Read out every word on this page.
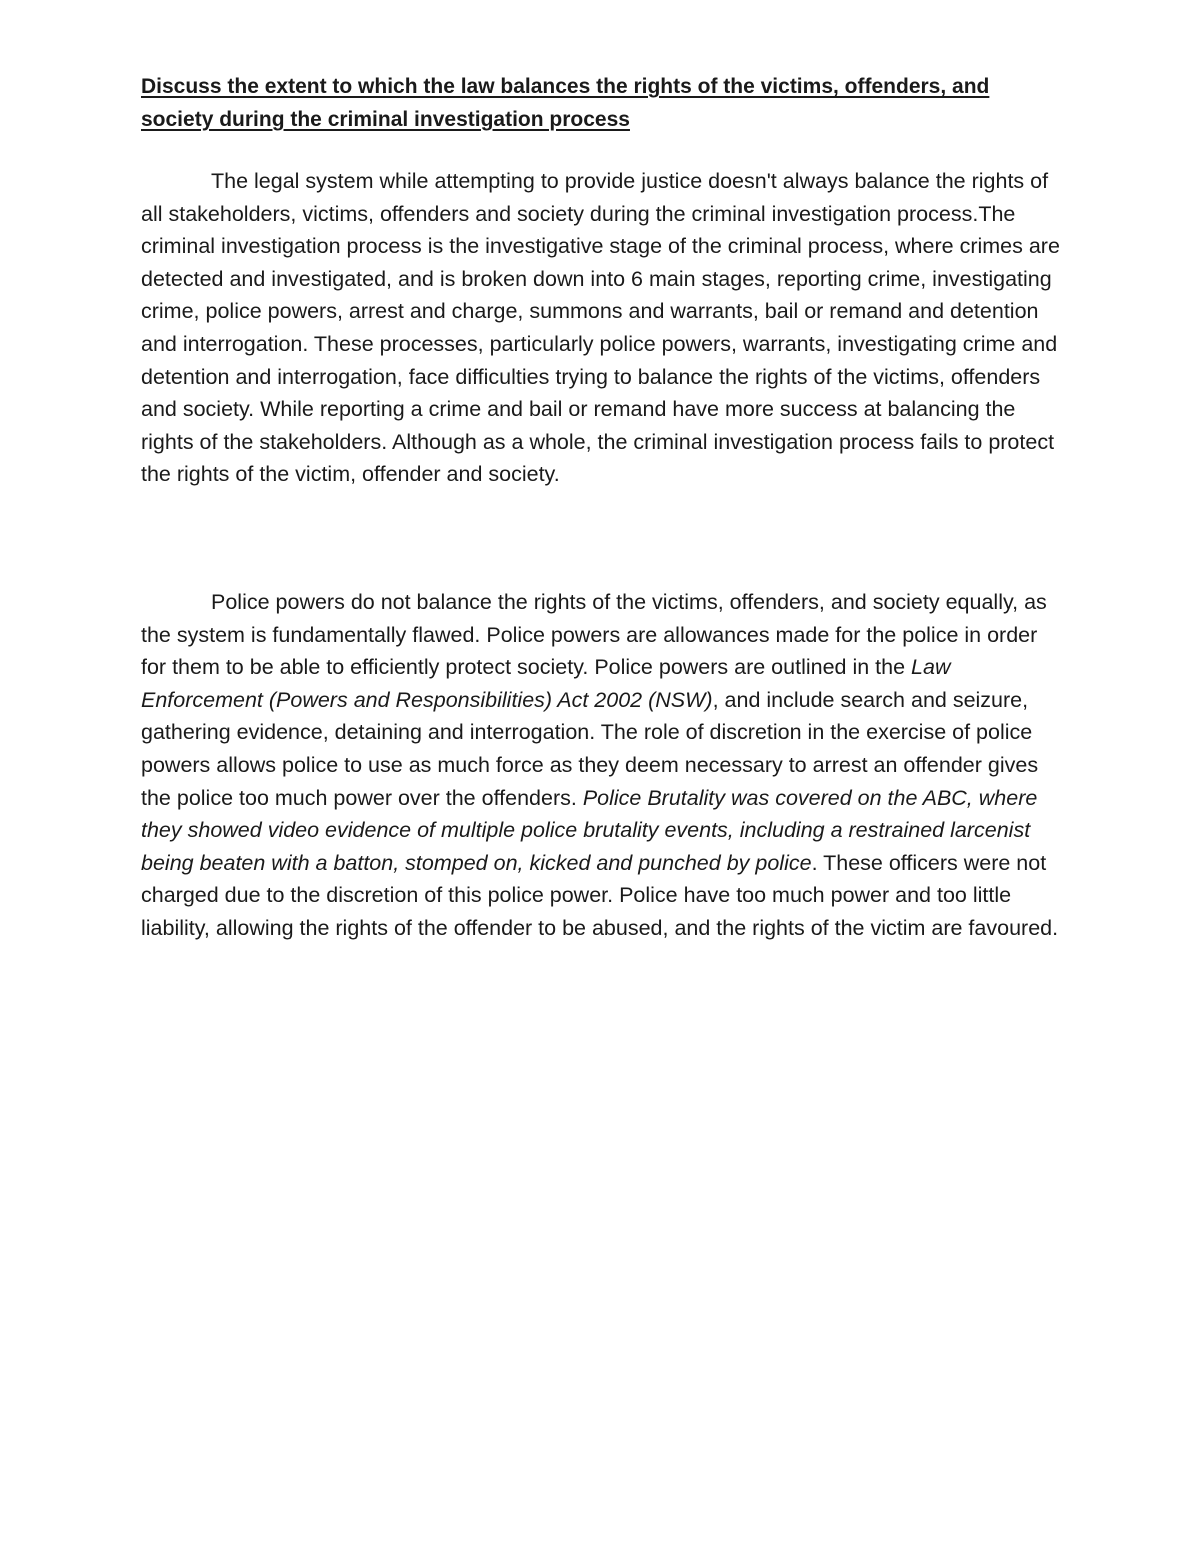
Discuss the extent to which the law balances the rights of the victims, offenders, and society during the criminal investigation process

The legal system while attempting to provide justice doesn't always balance the rights of all stakeholders, victims, offenders and society during the criminal investigation process.The criminal investigation process is the investigative stage of the criminal process, where crimes are detected and investigated, and is broken down into 6 main stages, reporting crime, investigating crime, police powers, arrest and charge, summons and warrants, bail or remand and detention and interrogation. These processes, particularly police powers, warrants, investigating crime and detention and interrogation, face difficulties trying to balance the rights of the victims, offenders and society. While reporting a crime and bail or remand have more success at balancing the rights of the stakeholders. Although as a whole, the criminal investigation process fails to protect the rights of the victim, offender and society.

Police powers do not balance the rights of the victims, offenders, and society equally, as the system is fundamentally flawed. Police powers are allowances made for the police in order for them to be able to efficiently protect society. Police powers are outlined in the Law Enforcement (Powers and Responsibilities) Act 2002 (NSW), and include search and seizure, gathering evidence, detaining and interrogation. The role of discretion in the exercise of police powers allows police to use as much force as they deem necessary to arrest an offender gives the police too much power over the offenders. Police Brutality was covered on the ABC, where they showed video evidence of multiple police brutality events, including a restrained larcenist being beaten with a batton, stomped on, kicked and punched by police. These officers were not charged due to the discretion of this police power. Police have too much power and too little liability, allowing the rights of the offender to be abused, and the rights of the victim are favoured.
